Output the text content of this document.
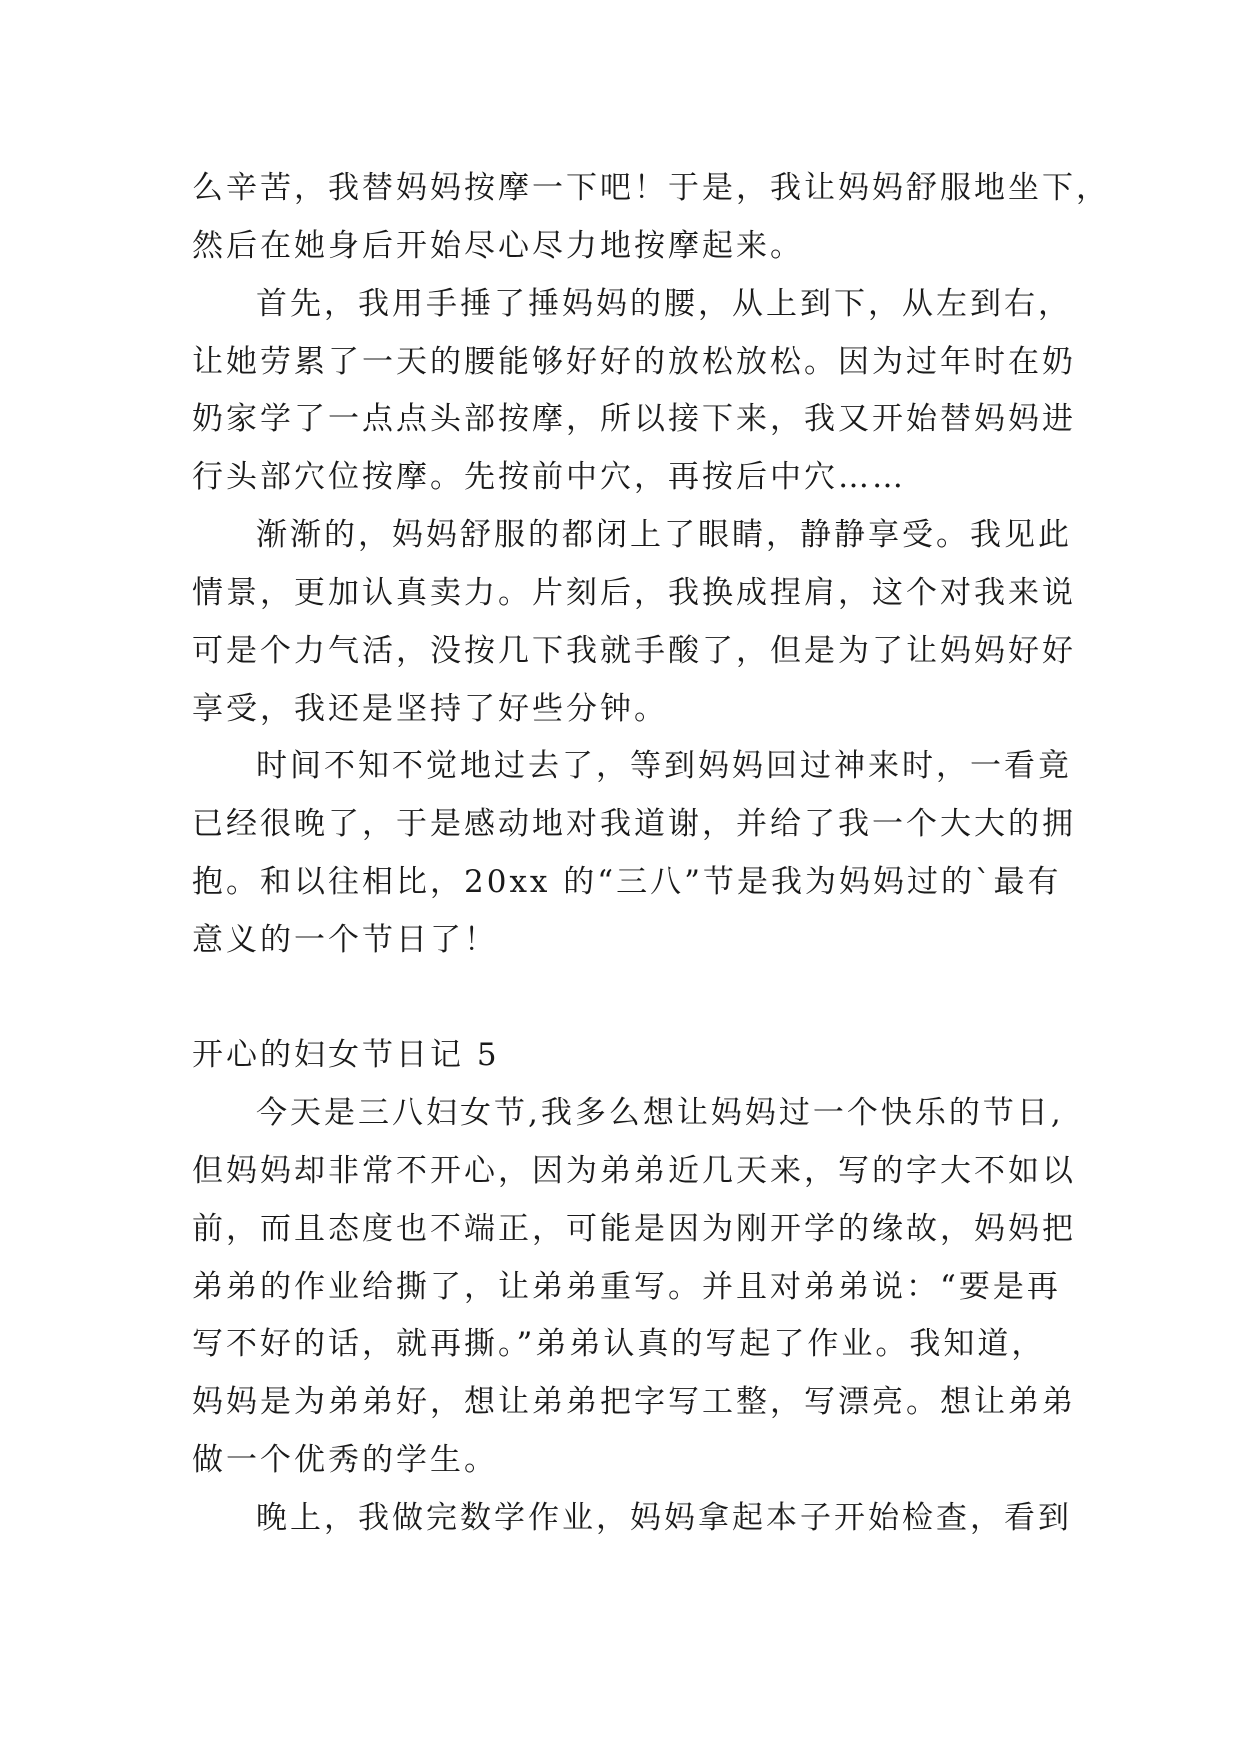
么辛苦，我替妈妈按摩一下吧！于是，我让妈妈舒服地坐下，
然后在她身后开始尽心尽力地按摩起来。
首先，我用手捶了捶妈妈的腰，从上到下，从左到右，
让她劳累了一天的腰能够好好的放松放松。因为过年时在奶
奶家学了一点点头部按摩，所以接下来，我又开始替妈妈进
行头部穴位按摩。先按前中穴，再按后中穴……
渐渐的，妈妈舒服的都闭上了眼睛，静静享受。我见此
情景，更加认真卖力。片刻后，我换成捏肩，这个对我来说
可是个力气活，没按几下我就手酸了，但是为了让妈妈好好
享受，我还是坚持了好些分钟。
时间不知不觉地过去了，等到妈妈回过神来时，一看竟
已经很晚了，于是感动地对我道谢，并给了我一个大大的拥
抱。和以往相比，20xx 的“三八”节是我为妈妈过的`最有
意义的一个节日了！
开心的妇女节日记 5
今天是三八妇女节,我多么想让妈妈过一个快乐的节日,
但妈妈却非常不开心，因为弟弟近几天来，写的字大不如以
前，而且态度也不端正，可能是因为刚开学的缘故，妈妈把
弟弟的作业给撕了，让弟弟重写。并且对弟弟说：“要是再
写不好的话，就再撕。”弟弟认真的写起了作业。我知道，
妈妈是为弟弟好，想让弟弟把字写工整，写漂亮。想让弟弟
做一个优秀的学生。
晚上，我做完数学作业，妈妈拿起本子开始检查，看到
